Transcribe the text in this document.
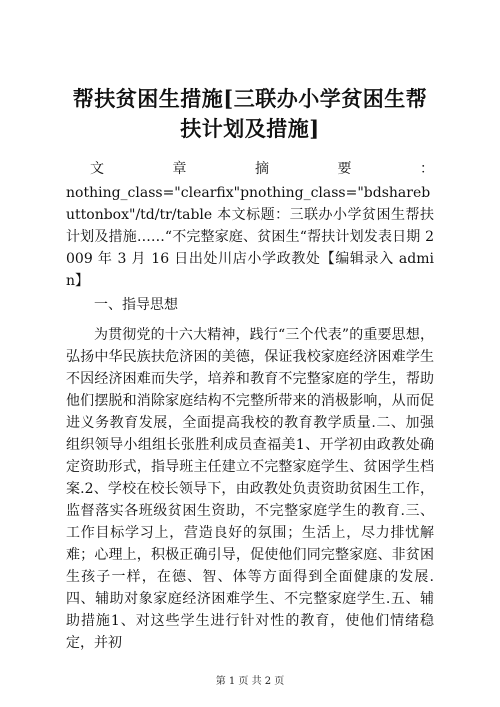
帮扶贫困生措施[三联办小学贫困生帮扶计划及措施]
文	章	摘	要	：

nothing_class="clearfix"pnothing_class="bdsharebuttonbox"/td/tr/table 本文标题：三联办小学贫困生帮扶计划及措施……“不完整家庭、贫困生“帮扶计划发表日期 2009 年 3 月 16 日出处川店小学政教处【编辑录入 admin】

一、指导思想

为贯彻党的十六大精神，践行“三个代表”的重要思想，弘扬中华民族扶危济困的美德，保证我校家庭经济困难学生不因经济困难而失学，培养和教育不完整家庭的学生，帮助他们摆脱和消除家庭结构不完整所带来的消极影响，从而促进义务教育发展，全面提高我校的教育教学质量.二、加强组织领导小组组长张胜利成员查福美1、开学初由政教处确定资助形式，指导班主任建立不完整家庭学生、贫困学生档案.2、学校在校长领导下，由政教处负责资助贫困生工作，监督落实各班级贫困生资助，不完整家庭学生的教育.三、工作目标学习上，营造良好的氛围；生活上，尽力排忧解难；心理上，积极正确引导，促使他们同完整家庭、非贫困生孩子一样，在德、智、体等方面得到全面健康的发展.四、辅助对象家庭经济困难学生、不完整家庭学生.五、辅助措施1、对这些学生进行针对性的教育，使他们情绪稳定，并初

第 1 页 共 2 页
